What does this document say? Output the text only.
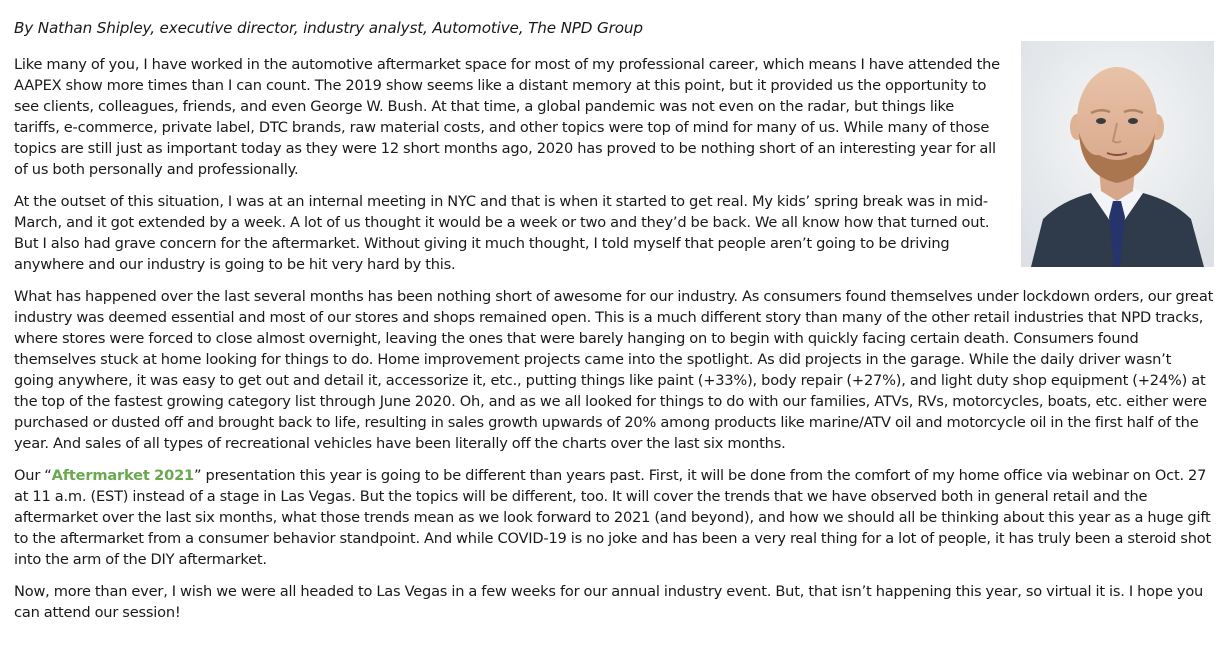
By Nathan Shipley, executive director, industry analyst, Automotive, The NPD Group

Like many of you, I have worked in the automotive aftermarket space for most of my professional career, which means I have attended the AAPEX show more times than I can count. The 2019 show seems like a distant memory at this point, but it provided us the opportunity to see clients, colleagues, friends, and even George W. Bush. At that time, a global pandemic was not even on the radar, but things like tariffs, e-commerce, private label, DTC brands, raw material costs, and other topics were top of mind for many of us. While many of those topics are still just as important today as they were 12 short months ago, 2020 has proved to be nothing short of an interesting year for all of us both personally and professionally.

At the outset of this situation, I was at an internal meeting in NYC and that is when it started to get real. My kids’ spring break was in mid-March, and it got extended by a week. A lot of us thought it would be a week or two and they’d be back. We all know how that turned out. But I also had grave concern for the aftermarket. Without giving it much thought, I told myself that people aren’t going to be driving anywhere and our industry is going to be hit very hard by this.

What has happened over the last several months has been nothing short of awesome for our industry. As consumers found themselves under lockdown orders, our great industry was deemed essential and most of our stores and shops remained open. This is a much different story than many of the other retail industries that NPD tracks, where stores were forced to close almost overnight, leaving the ones that were barely hanging on to begin with quickly facing certain death. Consumers found themselves stuck at home looking for things to do. Home improvement projects came into the spotlight. As did projects in the garage. While the daily driver wasn’t going anywhere, it was easy to get out and detail it, accessorize it, etc., putting things like paint (+33%), body repair (+27%), and light duty shop equipment (+24%) at the top of the fastest growing category list through June 2020. Oh, and as we all looked for things to do with our families, ATVs, RVs, motorcycles, boats, etc. either were purchased or dusted off and brought back to life, resulting in sales growth upwards of 20% among products like marine/ATV oil and motorcycle oil in the first half of the year. And sales of all types of recreational vehicles have been literally off the charts over the last six months.

Our “Aftermarket 2021” presentation this year is going to be different than years past. First, it will be done from the comfort of my home office via webinar on Oct. 27 at 11 a.m. (EST) instead of a stage in Las Vegas. But the topics will be different, too. It will cover the trends that we have observed both in general retail and the aftermarket over the last six months, what those trends mean as we look forward to 2021 (and beyond), and how we should all be thinking about this year as a huge gift to the aftermarket from a consumer behavior standpoint. And while COVID-19 is no joke and has been a very real thing for a lot of people, it has truly been a steroid shot into the arm of the DIY aftermarket.

Now, more than ever, I wish we were all headed to Las Vegas in a few weeks for our annual industry event. But, that isn’t happening this year, so virtual it is. I hope you can attend our session!
